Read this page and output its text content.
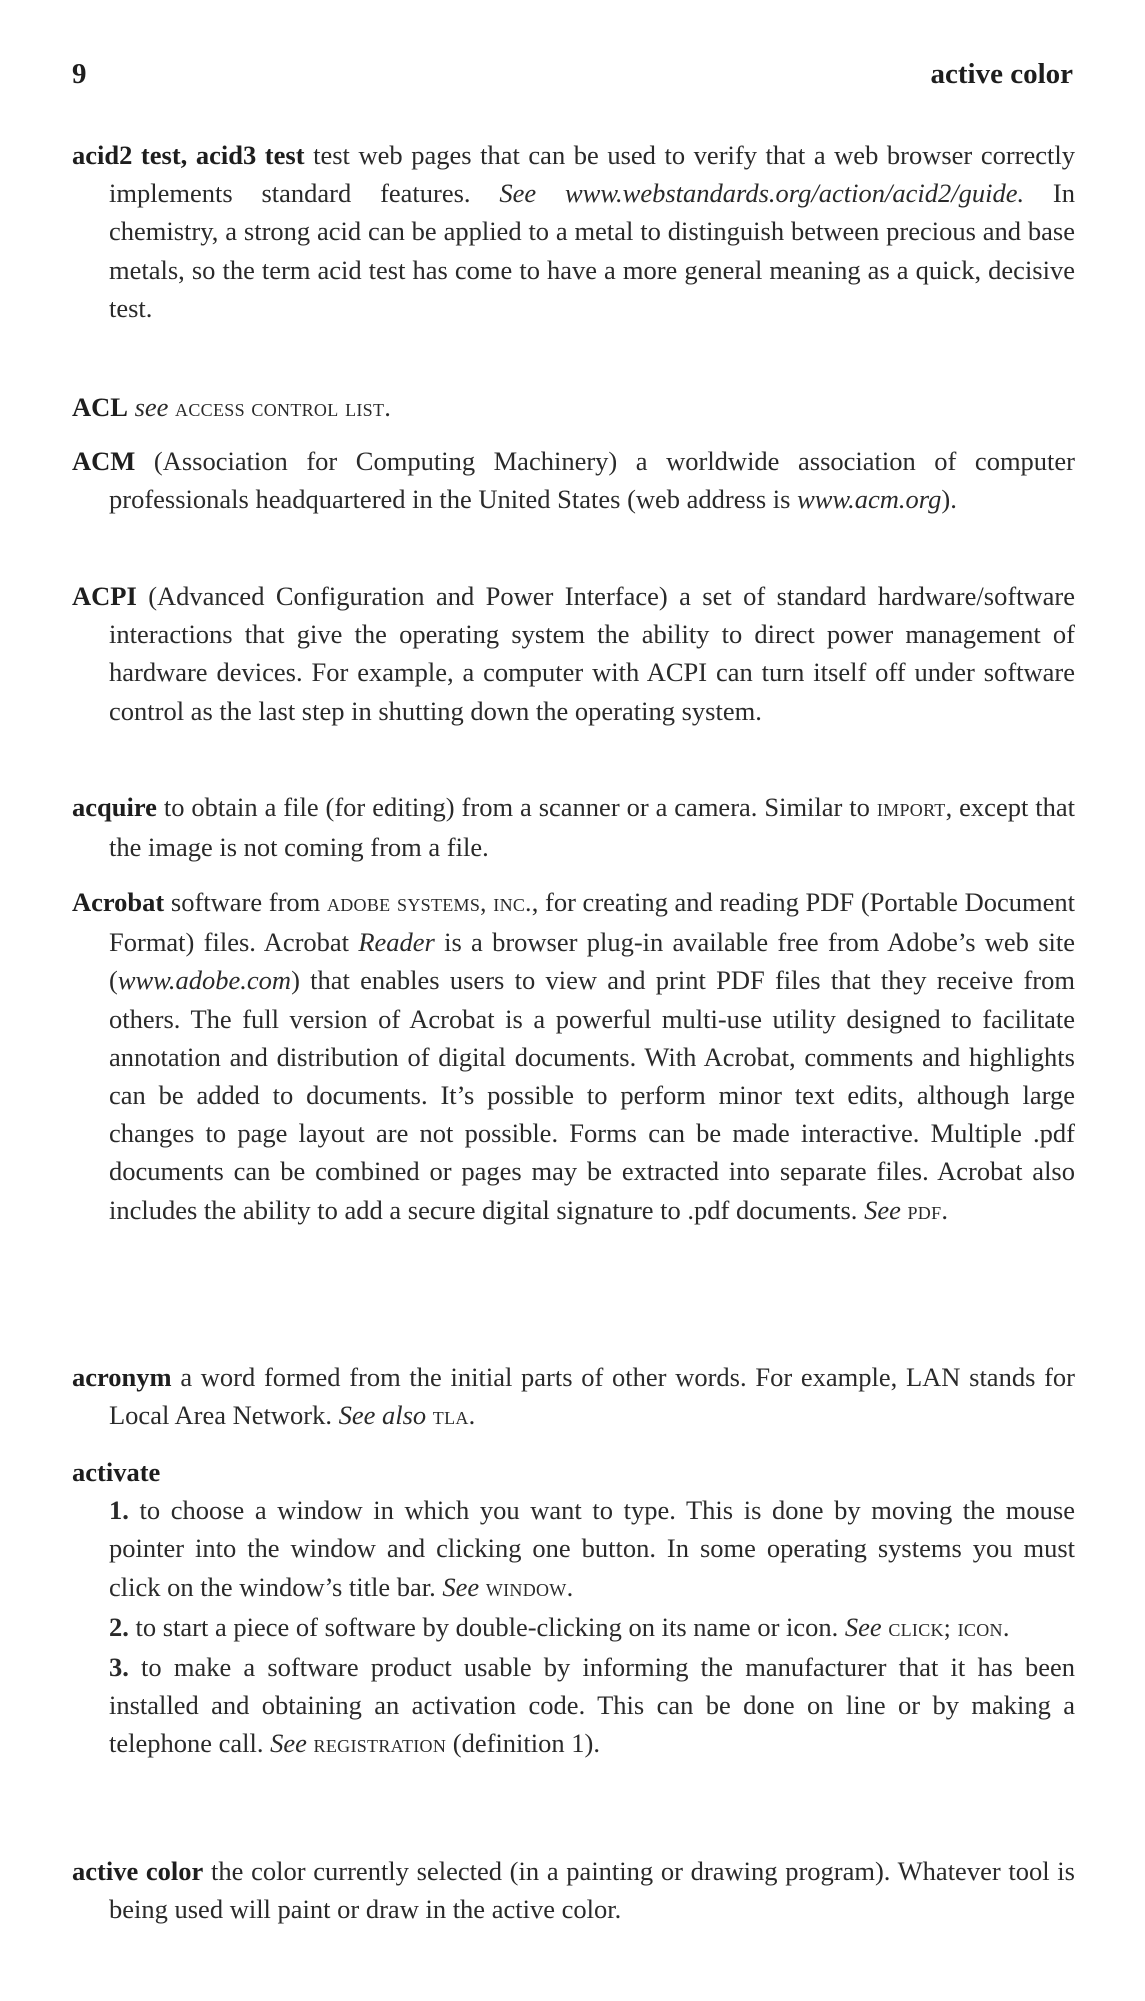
9	active color
acid2 test, acid3 test test web pages that can be used to verify that a web browser correctly implements standard features. See www.webstandards.org/action/acid2/guide. In chemistry, a strong acid can be applied to a metal to distinguish between precious and base metals, so the term acid test has come to have a more general meaning as a quick, decisive test.
ACL see access control list.
ACM (Association for Computing Machinery) a worldwide association of computer professionals headquartered in the United States (web address is www.acm.org).
ACPI (Advanced Configuration and Power Interface) a set of standard hardware/software interactions that give the operating system the ability to direct power management of hardware devices. For example, a computer with ACPI can turn itself off under software control as the last step in shutting down the operating system.
acquire to obtain a file (for editing) from a scanner or a camera. Similar to import, except that the image is not coming from a file.
Acrobat software from adobe systems, inc., for creating and reading PDF (Portable Document Format) files. Acrobat Reader is a browser plug-in available free from Adobe’s web site (www.adobe.com) that enables users to view and print PDF files that they receive from others. The full version of Acrobat is a powerful multi-use utility designed to facilitate annotation and distribution of digital documents. With Acrobat, comments and highlights can be added to documents. It’s possible to perform minor text edits, although large changes to page layout are not possible. Forms can be made interactive. Multiple .pdf documents can be combined or pages may be extracted into separate files. Acrobat also includes the ability to add a secure digital signature to .pdf documents. See pdf.
acronym a word formed from the initial parts of other words. For example, LAN stands for Local Area Network. See also tla.
activate
1. to choose a window in which you want to type. This is done by moving the mouse pointer into the window and clicking one button. In some operating systems you must click on the window’s title bar. See window.
2. to start a piece of software by double-clicking on its name or icon. See click; icon.
3. to make a software product usable by informing the manufacturer that it has been installed and obtaining an activation code. This can be done on line or by making a telephone call. See registration (definition 1).
active color the color currently selected (in a painting or drawing program). Whatever tool is being used will paint or draw in the active color.
